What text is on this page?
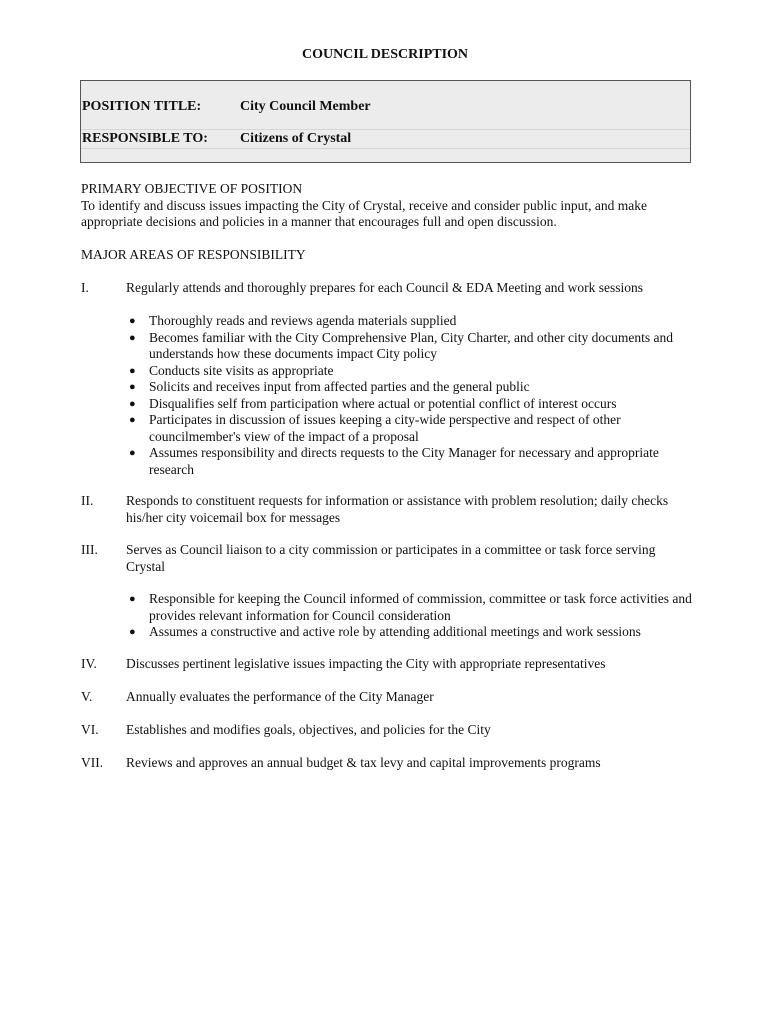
COUNCIL DESCRIPTION
POSITION TITLE:	City Council Member
RESPONSIBLE TO: Citizens of Crystal
PRIMARY OBJECTIVE OF POSITION
To identify and discuss issues impacting the City of Crystal, receive and consider public input, and make appropriate decisions and policies in a manner that encourages full and open discussion.
MAJOR AREAS OF RESPONSIBILITY
I.	Regularly attends and thoroughly prepares for each Council & EDA Meeting and work sessions
● Thoroughly reads and reviews agenda materials supplied
● Becomes familiar with the City Comprehensive Plan, City Charter, and other city documents and understands how these documents impact City policy
● Conducts site visits as appropriate
● Solicits and receives input from affected parties and the general public
● Disqualifies self from participation where actual or potential conflict of interest occurs
● Participates in discussion of issues keeping a city-wide perspective and respect of other councilmember's view of the impact of a proposal
● Assumes responsibility and directs requests to the City Manager for necessary and appropriate research
II. Responds to constituent requests for information or assistance with problem resolution; daily checks his/her city voicemail box for messages
III. Serves as Council liaison to a city commission or participates in a committee or task force serving Crystal
● Responsible for keeping the Council informed of commission, committee or task force activities and provides relevant information for Council consideration
● Assumes a constructive and active role by attending additional meetings and work sessions
IV. Discusses pertinent legislative issues impacting the City with appropriate representatives
V. Annually evaluates the performance of the City Manager
VI. Establishes and modifies goals, objectives, and policies for the City
VII. Reviews and approves an annual budget & tax levy and capital improvements programs
